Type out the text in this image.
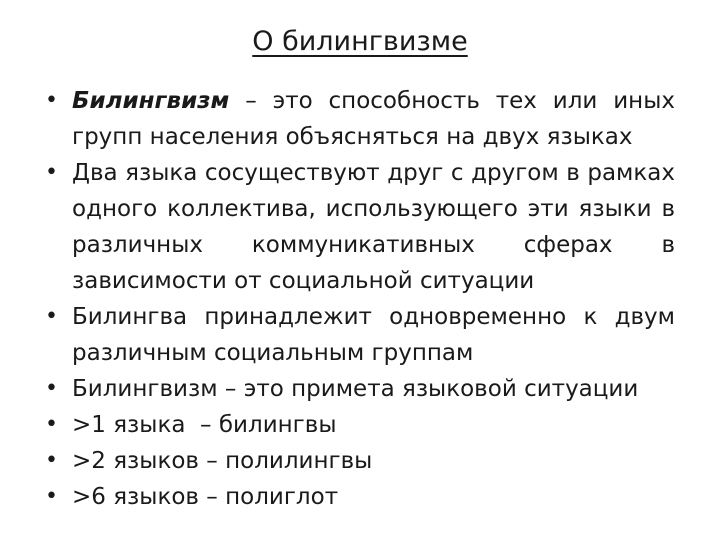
О билингвизме
• Билингвизм – это способность тех или иных групп населения объясняться на двух языках
• Два языка сосуществуют друг с другом в рамках одного коллектива, использующего эти языки в различных коммуникативных сферах в зависимости от социальной ситуации
• Билингва принадлежит одновременно к двум различным социальным группам
• Билингвизм – это примета языковой ситуации
• >1 языка  – билингвы
• >2 языков – полилингвы
• >6 языков – полиглот
